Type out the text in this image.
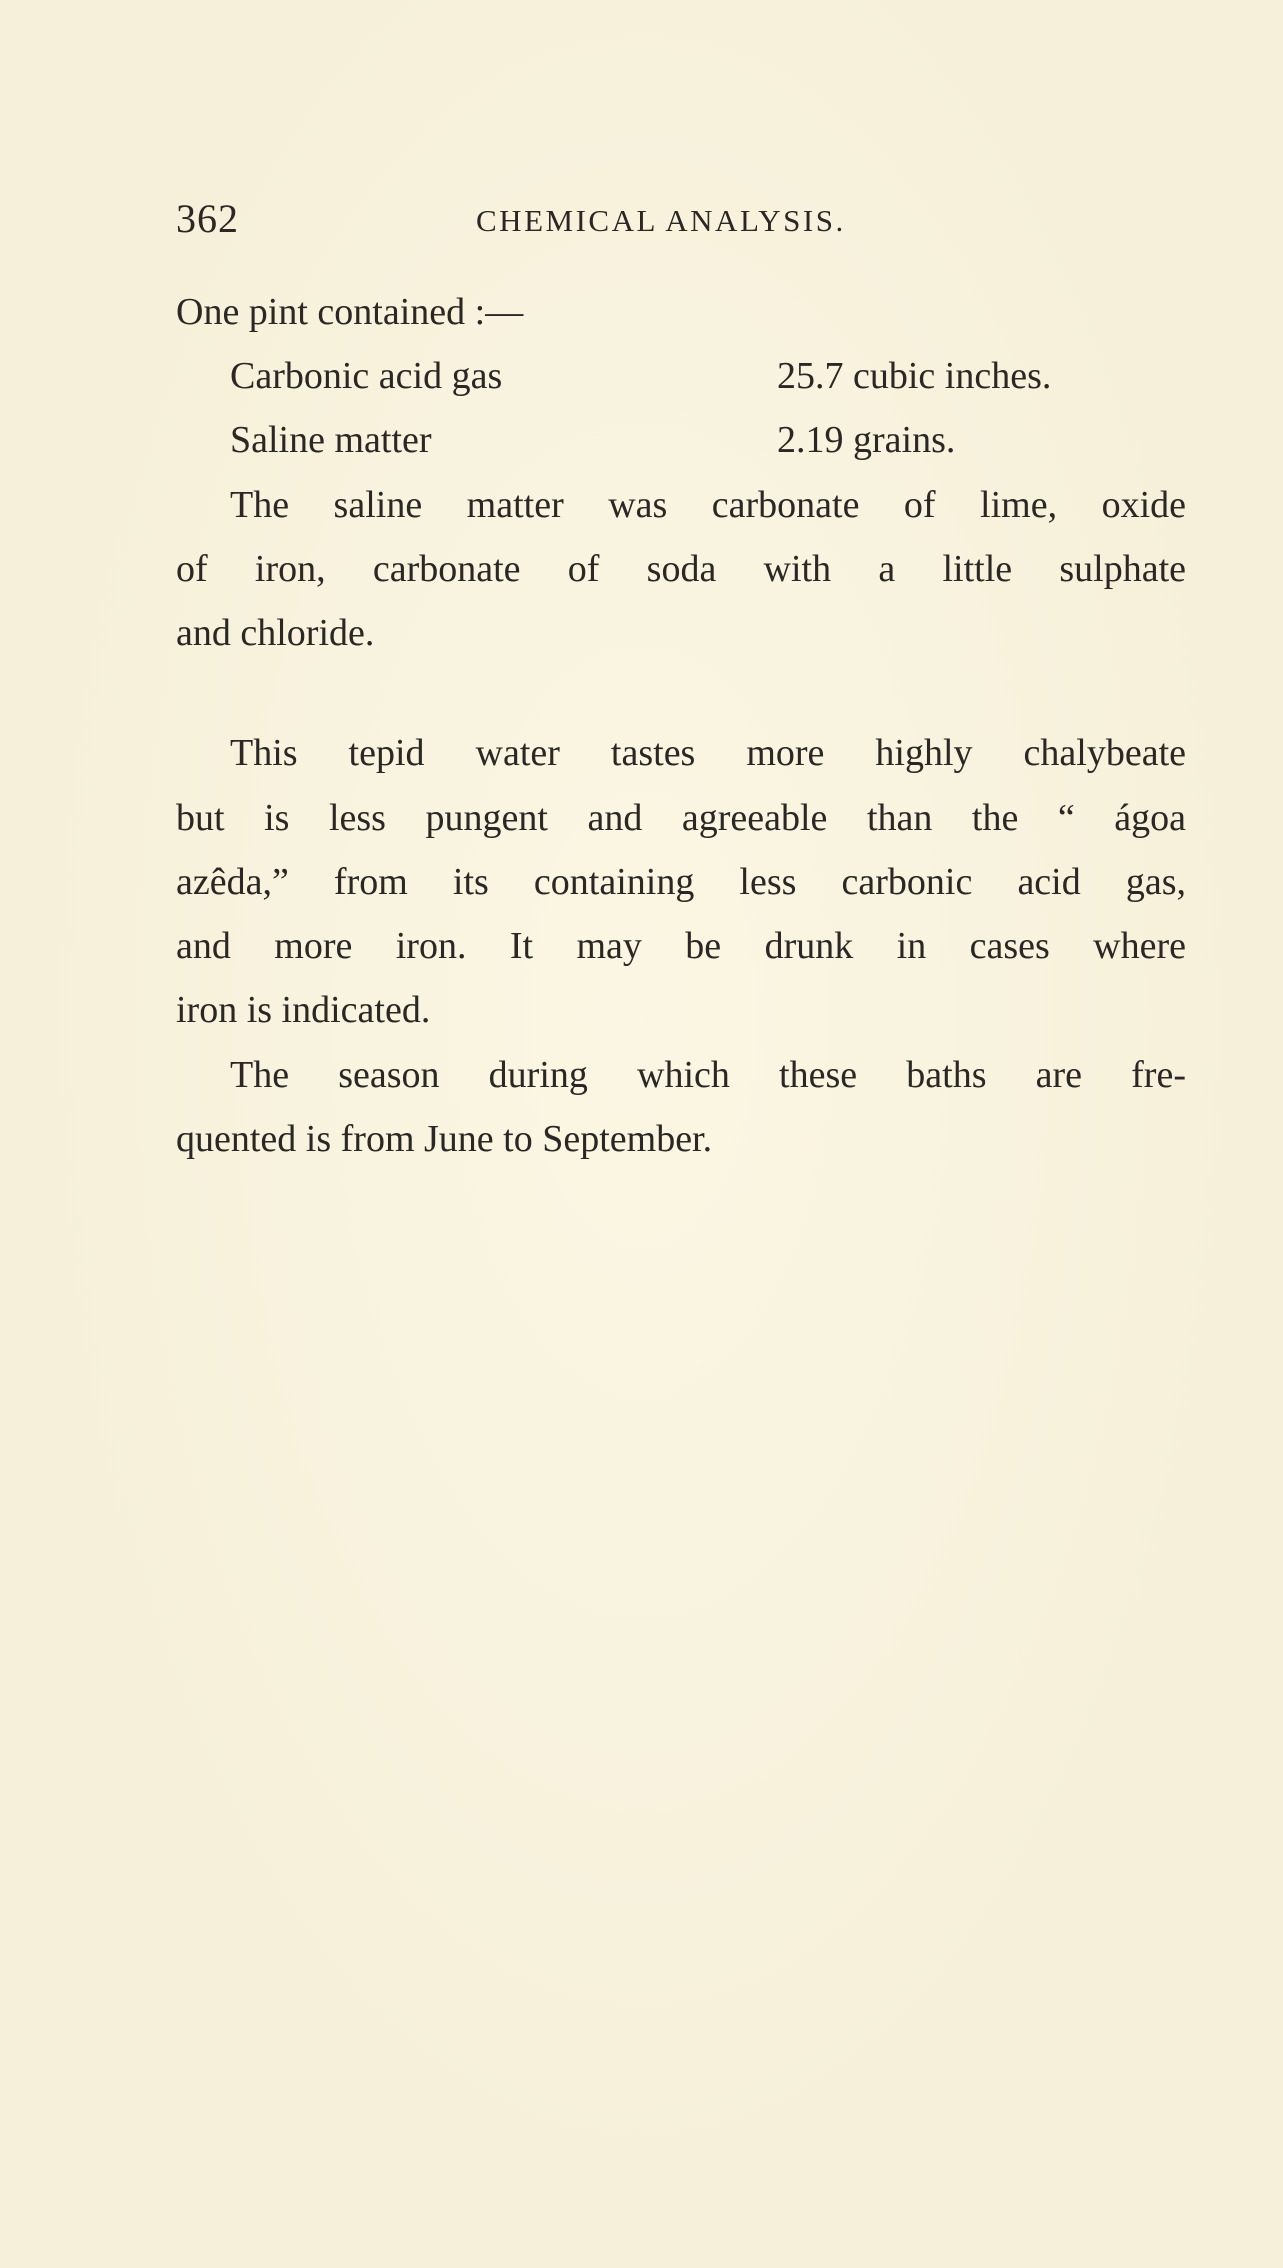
362	CHEMICAL ANALYSIS.
One pint contained :—
Carbonic acid gas	25.7 cubic inches.
Saline matter	2.19 grains.
The saline matter was carbonate of lime, oxide
of iron, carbonate of soda with a little sulphate
and chloride.
This tepid water tastes more highly chalybeate
but is less pungent and agreeable than the “ ágoa
azêda,” from its containing less carbonic acid gas,
and more iron. It may be drunk in cases where
iron is indicated.
The season during which these baths are fre-
quented is from June to September.
